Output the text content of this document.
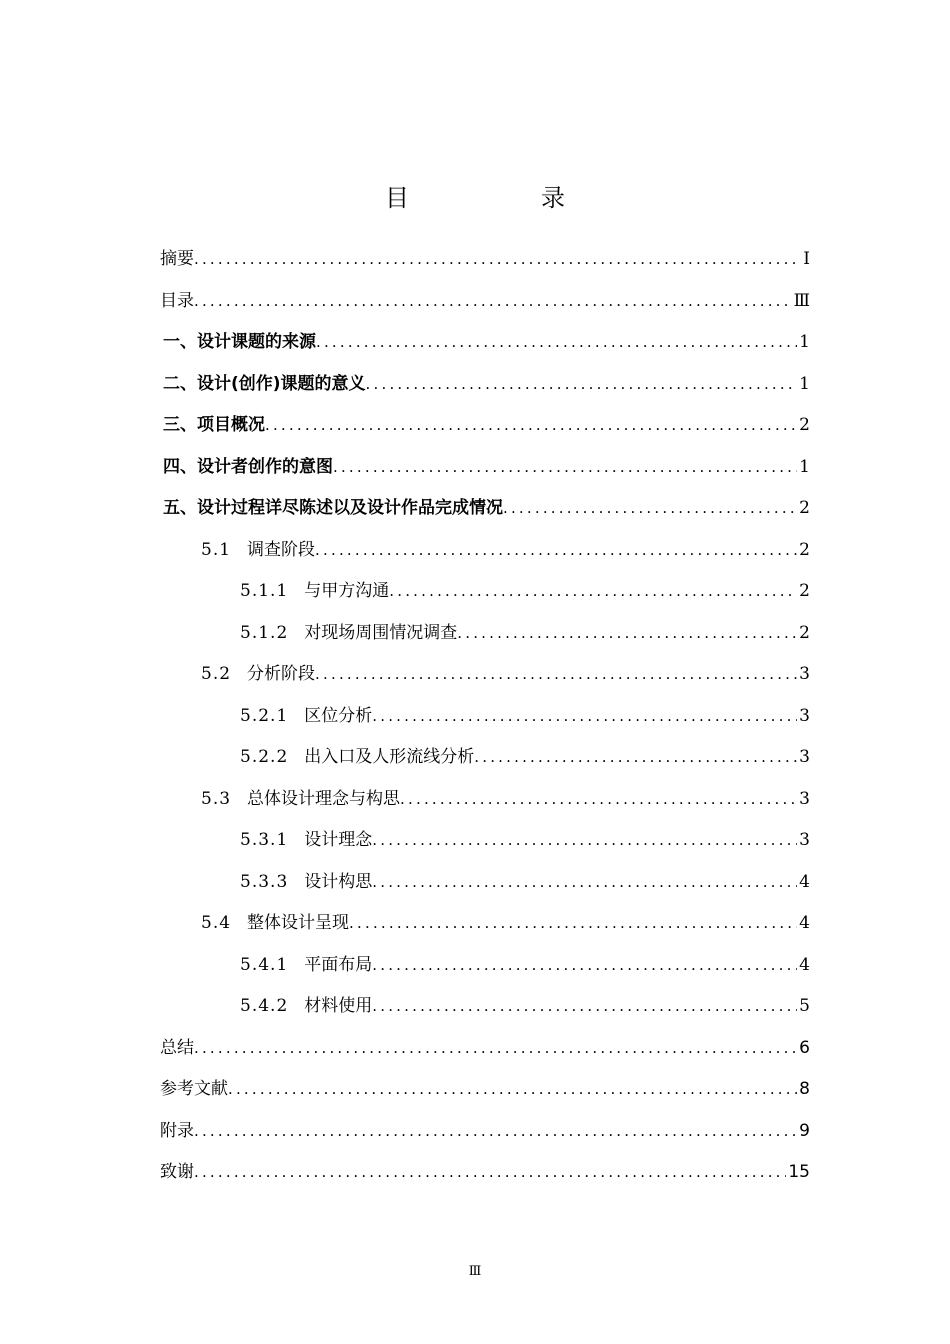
目　录
摘要 .....	Ⅰ
目录 .....	Ⅲ
一、设计课题的来源 .....	1
二、设计(创作)课题的意义 .....	1
三、项目概况 .....	2
四、设计者创作的意图 .....	1
五、设计过程详尽陈述以及设计作品完成情况 .....	2
5.1 调查阶段 .....	2
5.1.1 与甲方沟通 .....	2
5.1.2 对现场周围情况调查 .....	2
5.2 分析阶段 .....	3
5.2.1 区位分析 .....	3
5.2.2 出入口及人形流线分析 .....	3
5.3 总体设计理念与构思 .....	3
5.3.1 设计理念 .....	3
5.3.3 设计构思 .....	4
5.4 整体设计呈现 .....	4
5.4.1 平面布局 .....	4
5.4.2 材料使用 .....	5
总结 .....	6
参考文献 .....	8
附录 .....	9
致谢 .....	15
Ⅲ
